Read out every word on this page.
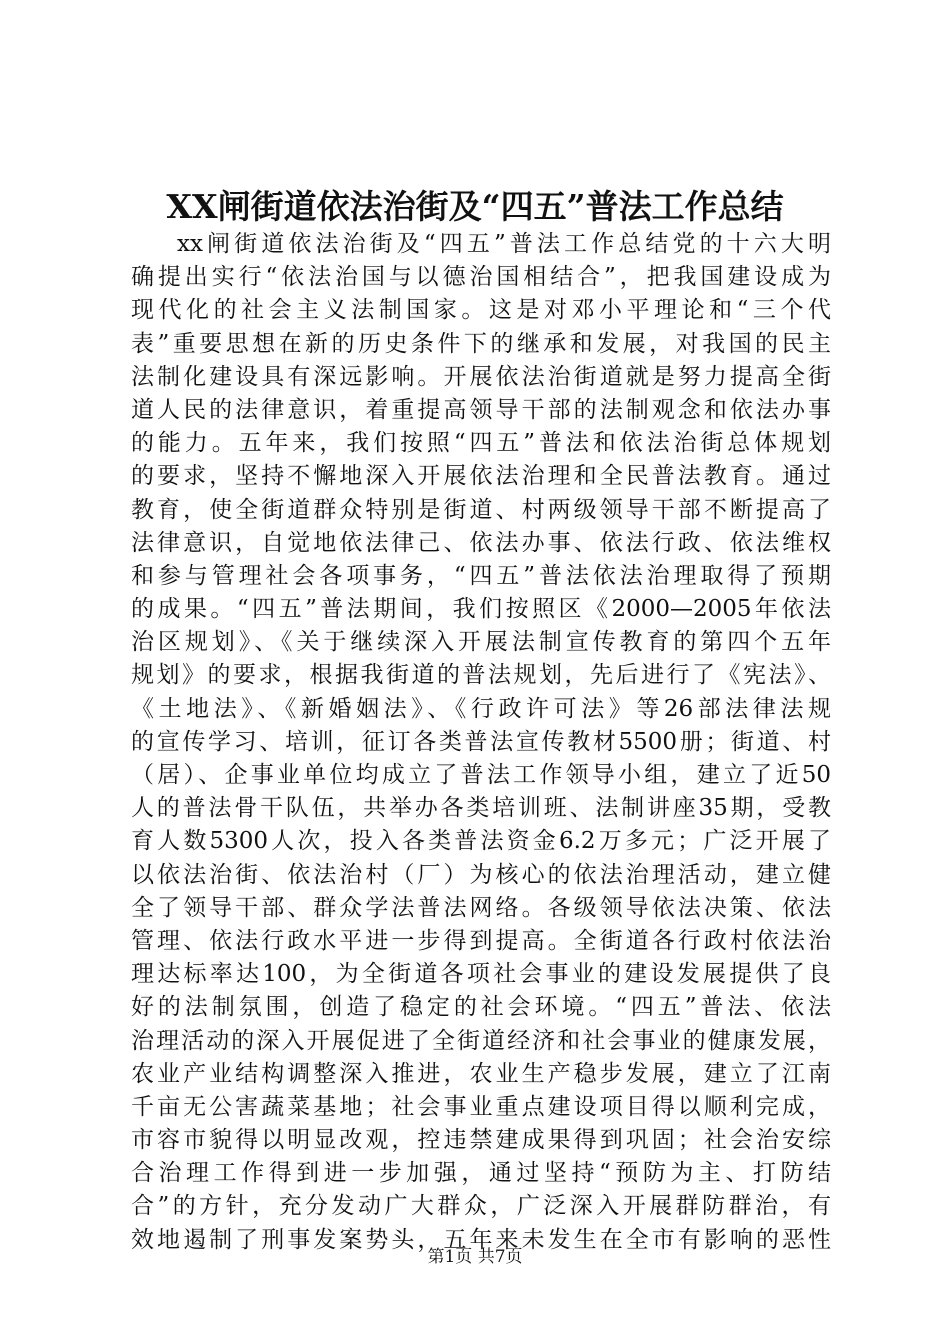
XX闸街道依法治街及“四五”普法工作总结
xx闸街道依法治街及“四五”普法工作总结党的十六大明
确提出实行“依法治国与以德治国相结合”，把我国建设成为
现代化的社会主义法制国家。这是对邓小平理论和“三个代
表”重要思想在新的历史条件下的继承和发展，对我国的民主
法制化建设具有深远影响。开展依法治街道就是努力提高全街
道人民的法律意识，着重提高领导干部的法制观念和依法办事
的能力。五年来，我们按照“四五”普法和依法治街总体规划
的要求，坚持不懈地深入开展依法治理和全民普法教育。通过
教育，使全街道群众特别是街道、村两级领导干部不断提高了
法律意识，自觉地依法律己、依法办事、依法行政、依法维权
和参与管理社会各项事务，“四五”普法依法治理取得了预期
的成果。“四五”普法期间，我们按照区《2000—2005年依法
治区规划》、《关于继续深入开展法制宣传教育的第四个五年
规划》的要求，根据我街道的普法规划，先后进行了《宪法》、
《土地法》、《新婚姻法》、《行政许可法》等26部法律法规
的宣传学习、培训，征订各类普法宣传教材5500册；街道、村
（居）、企事业单位均成立了普法工作领导小组，建立了近50
人的普法骨干队伍，共举办各类培训班、法制讲座35期，受教
育人数5300人次，投入各类普法资金6.2万多元；广泛开展了
以依法治街、依法治村（厂）为核心的依法治理活动，建立健
全了领导干部、群众学法普法网络。各级领导依法决策、依法
管理、依法行政水平进一步得到提高。全街道各行政村依法治
理达标率达100，为全街道各项社会事业的建设发展提供了良
好的法制氛围，创造了稳定的社会环境。“四五”普法、依法
治理活动的深入开展促进了全街道经济和社会事业的健康发展，
农业产业结构调整深入推进，农业生产稳步发展，建立了江南
千亩无公害蔬菜基地；社会事业重点建设项目得以顺利完成，
市容市貌得以明显改观，控违禁建成果得到巩固；社会治安综
合治理工作得到进一步加强，通过坚持“预防为主、打防结
合”的方针，充分发动广大群众，广泛深入开展群防群治，有
效地遏制了刑事发案势头，五年来未发生在全市有影响的恶性
第1页 共7页
